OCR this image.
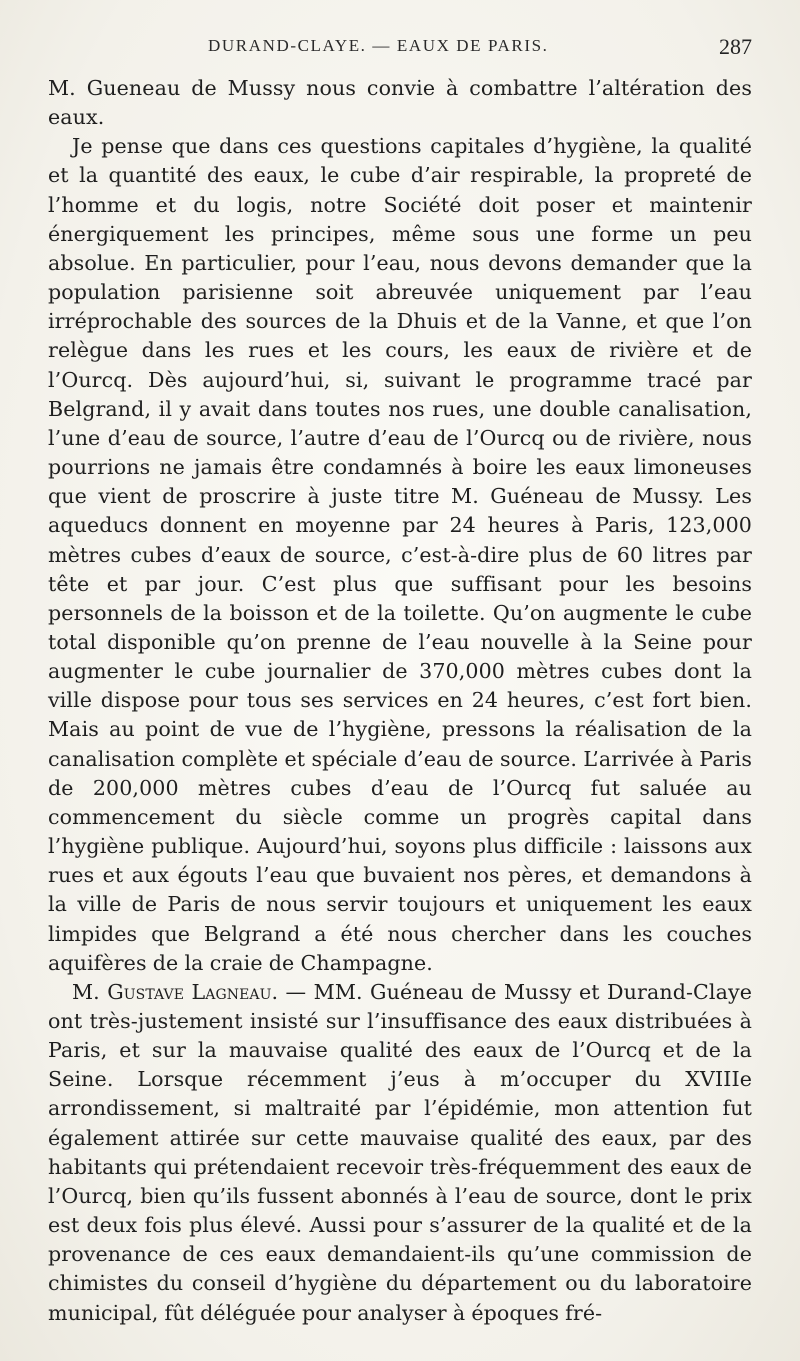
DURAND-CLAYE. — EAUX DE PARIS.	287

M. Gueneau de Mussy nous convie à combattre l’altération des eaux.

Je pense que dans ces questions capitales d’hygiène, la qualité et la quantité des eaux, le cube d’air respirable, la propreté de l’homme et du logis, notre Société doit poser et maintenir énergiquement les principes, même sous une forme un peu absolue. En particulier, pour l’eau, nous devons demander que la population parisienne soit abreuvée uniquement par l’eau irréprochable des sources de la Dhuis et de la Vanne, et que l’on relègue dans les rues et les cours, les eaux de rivière et de l’Ourcq. Dès aujourd’hui, si, suivant le programme tracé par Belgrand, il y avait dans toutes nos rues, une double canalisation, l’une d’eau de source, l’autre d’eau de l’Ourcq ou de rivière, nous pourrions ne jamais être condamnés à boire les eaux limoneuses que vient de proscrire à juste titre M. Guéneau de Mussy. Les aqueducs donnent en moyenne par 24 heures à Paris, 123,000 mètres cubes d’eaux de source, c’est-à-dire plus de 60 litres par tête et par jour. C’est plus que suffisant pour les besoins personnels de la boisson et de la toilette. Qu’on augmente le cube total disponible qu’on prenne de l’eau nouvelle à la Seine pour augmenter le cube journalier de 370,000 mètres cubes dont la ville dispose pour tous ses services en 24 heures, c’est fort bien. Mais au point de vue de l’hygiène, pressons la réalisation de la canalisation complète et spéciale d’eau de source. L’arrivée à Paris de 200,000 mètres cubes d’eau de l’Ourcq fut saluée au commencement du siècle comme un progrès capital dans l’hygiène publique. Aujourd’hui, soyons plus difficile : laissons aux rues et aux égouts l’eau que buvaient nos pères, et demandons à la ville de Paris de nous servir toujours et uniquement les eaux limpides que Belgrand a été nous chercher dans les couches aquifères de la craie de Champagne.

M. Gustave Lagneau. — MM. Guéneau de Mussy et Durand-Claye ont très-justement insisté sur l’insuffisance des eaux distribuées à Paris, et sur la mauvaise qualité des eaux de l’Ourcq et de la Seine. Lorsque récemment j’eus à m’occuper du XVIIIe arrondissement, si maltraité par l’épidémie, mon attention fut également attirée sur cette mauvaise qualité des eaux, par des habitants qui prétendaient recevoir très-fréquemment des eaux de l’Ourcq, bien qu’ils fussent abonnés à l’eau de source, dont le prix est deux fois plus élevé. Aussi pour s’assurer de la qualité et de la provenance de ces eaux demandaient-ils qu’une commission de chimistes du conseil d’hygiène du département ou du laboratoire municipal, fût déléguée pour analyser à époques fré-
